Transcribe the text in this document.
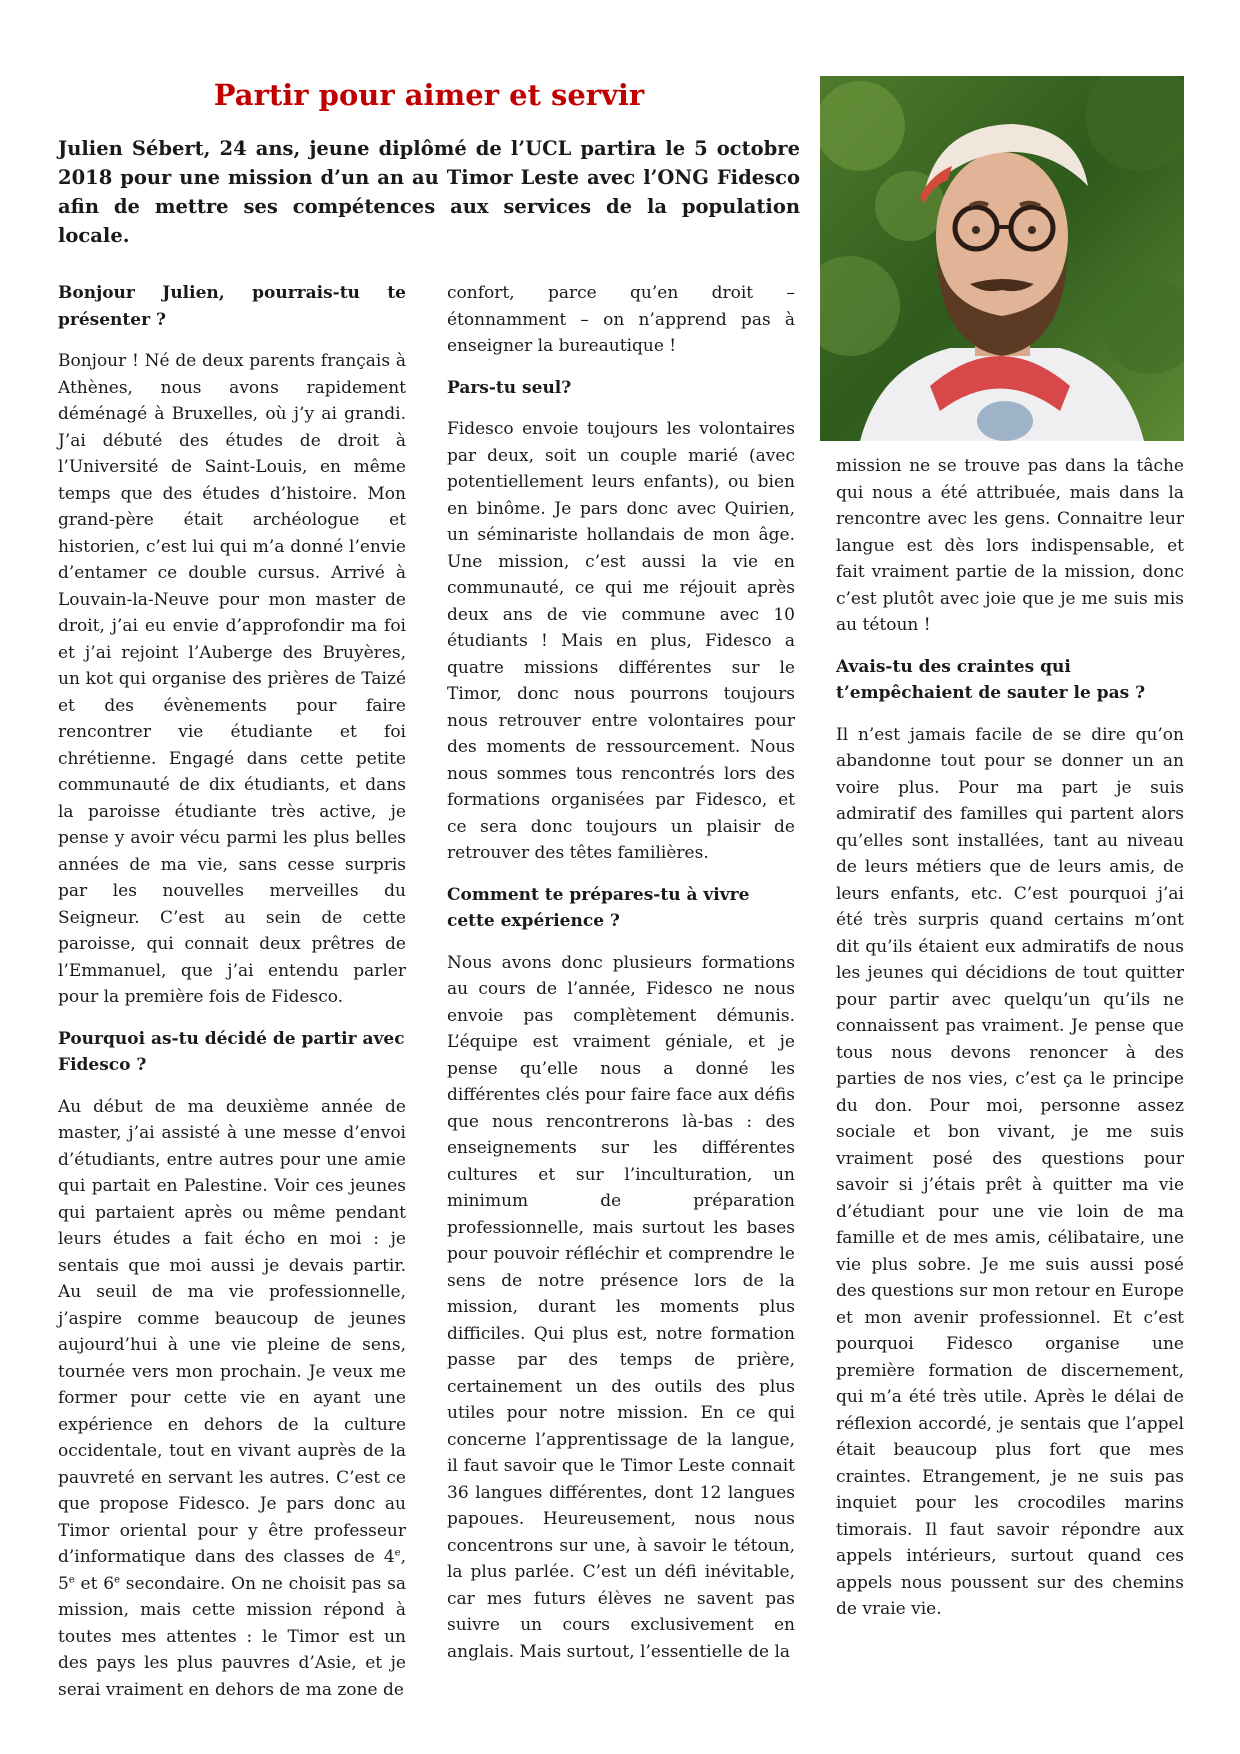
Partir pour aimer et servir

Julien Sébert, 24 ans, jeune diplômé de l’UCL partira le 5 octobre 2018 pour une mission d’un an au Timor Leste avec l’ONG Fidesco afin de mettre ses compétences aux services de la population locale.

Bonjour Julien, pourrais-tu te présenter ?

Bonjour ! Né de deux parents français à Athènes, nous avons rapidement déménagé à Bruxelles, où j’y ai grandi. J’ai débuté des études de droit à l’Université de Saint-Louis, en même temps que des études d’histoire. Mon grand-père était archéologue et historien, c’est lui qui m’a donné l’envie d’entamer ce double cursus. Arrivé à Louvain-la-Neuve pour mon master de droit, j’ai eu envie d’approfondir ma foi et j’ai rejoint l’Auberge des Bruyères, un kot qui organise des prières de Taizé et des évènements pour faire rencontrer vie étudiante et foi chrétienne. Engagé dans cette petite communauté de dix étudiants, et dans la paroisse étudiante très active, je pense y avoir vécu parmi les plus belles années de ma vie, sans cesse surpris par les nouvelles merveilles du Seigneur. C’est au sein de cette paroisse, qui connait deux prêtres de l’Emmanuel, que j’ai entendu parler pour la première fois de Fidesco.

Pourquoi as-tu décidé de partir avec Fidesco ?

Au début de ma deuxième année de master, j’ai assisté à une messe d’envoi d’étudiants, entre autres pour une amie qui partait en Palestine. Voir ces jeunes qui partaient après ou même pendant leurs études a fait écho en moi : je sentais que moi aussi je devais partir. Au seuil de ma vie professionnelle, j’aspire comme beaucoup de jeunes aujourd’hui à une vie pleine de sens, tournée vers mon prochain. Je veux me former pour cette vie en ayant une expérience en dehors de la culture occidentale, tout en vivant auprès de la pauvreté en servant les autres. C’est ce que propose Fidesco. Je pars donc au Timor oriental pour y être professeur d’informatique dans des classes de 4e, 5e et 6e secondaire. On ne choisit pas sa mission, mais cette mission répond à toutes mes attentes : le Timor est un des pays les plus pauvres d’Asie, et je serai vraiment en dehors de ma zone de

confort, parce qu’en droit – étonnamment – on n’apprend pas à enseigner la bureautique !

Pars-tu seul?

Fidesco envoie toujours les volontaires par deux, soit un couple marié (avec potentiellement leurs enfants), ou bien en binôme. Je pars donc avec Quirien, un séminariste hollandais de mon âge. Une mission, c’est aussi la vie en communauté, ce qui me réjouit après deux ans de vie commune avec 10 étudiants ! Mais en plus, Fidesco a quatre missions différentes sur le Timor, donc nous pourrons toujours nous retrouver entre volontaires pour des moments de ressourcement. Nous nous sommes tous rencontrés lors des formations organisées par Fidesco, et ce sera donc toujours un plaisir de retrouver des têtes familières.

Comment te prépares-tu à vivre cette expérience ?

Nous avons donc plusieurs formations au cours de l’année, Fidesco ne nous envoie pas complètement démunis. L’équipe est vraiment géniale, et je pense qu’elle nous a donné les différentes clés pour faire face aux défis que nous rencontrerons là-bas : des enseignements sur les différentes cultures et sur l’inculturation, un minimum de préparation professionnelle, mais surtout les bases pour pouvoir réfléchir et comprendre le sens de notre présence lors de la mission, durant les moments plus difficiles. Qui plus est, notre formation passe par des temps de prière, certainement un des outils des plus utiles pour notre mission. En ce qui concerne l’apprentissage de la langue, il faut savoir que le Timor Leste connait 36 langues différentes, dont 12 langues papoues. Heureusement, nous nous concentrons sur une, à savoir le tétoun, la plus parlée. C’est un défi inévitable, car mes futurs élèves ne savent pas suivre un cours exclusivement en anglais. Mais surtout, l’essentielle de la

mission ne se trouve pas dans la tâche qui nous a été attribuée, mais dans la rencontre avec les gens. Connaitre leur langue est dès lors indispensable, et fait vraiment partie de la mission, donc c’est plutôt avec joie que je me suis mis au tétoun !

Avais-tu des craintes qui t’empêchaient de sauter le pas ?

Il n’est jamais facile de se dire qu’on abandonne tout pour se donner un an voire plus. Pour ma part je suis admiratif des familles qui partent alors qu’elles sont installées, tant au niveau de leurs métiers que de leurs amis, de leurs enfants, etc. C’est pourquoi j’ai été très surpris quand certains m’ont dit qu’ils étaient eux admiratifs de nous les jeunes qui décidions de tout quitter pour partir avec quelqu’un qu’ils ne connaissent pas vraiment. Je pense que tous nous devons renoncer à des parties de nos vies, c’est ça le principe du don. Pour moi, personne assez sociale et bon vivant, je me suis vraiment posé des questions pour savoir si j’étais prêt à quitter ma vie d’étudiant pour une vie loin de ma famille et de mes amis, célibataire, une vie plus sobre. Je me suis aussi posé des questions sur mon retour en Europe et mon avenir professionnel. Et c’est pourquoi Fidesco organise une première formation de discernement, qui m’a été très utile. Après le délai de réflexion accordé, je sentais que l’appel était beaucoup plus fort que mes craintes. Etrangement, je ne suis pas inquiet pour les crocodiles marins timorais. Il faut savoir répondre aux appels intérieurs, surtout quand ces appels nous poussent sur des chemins de vraie vie.
